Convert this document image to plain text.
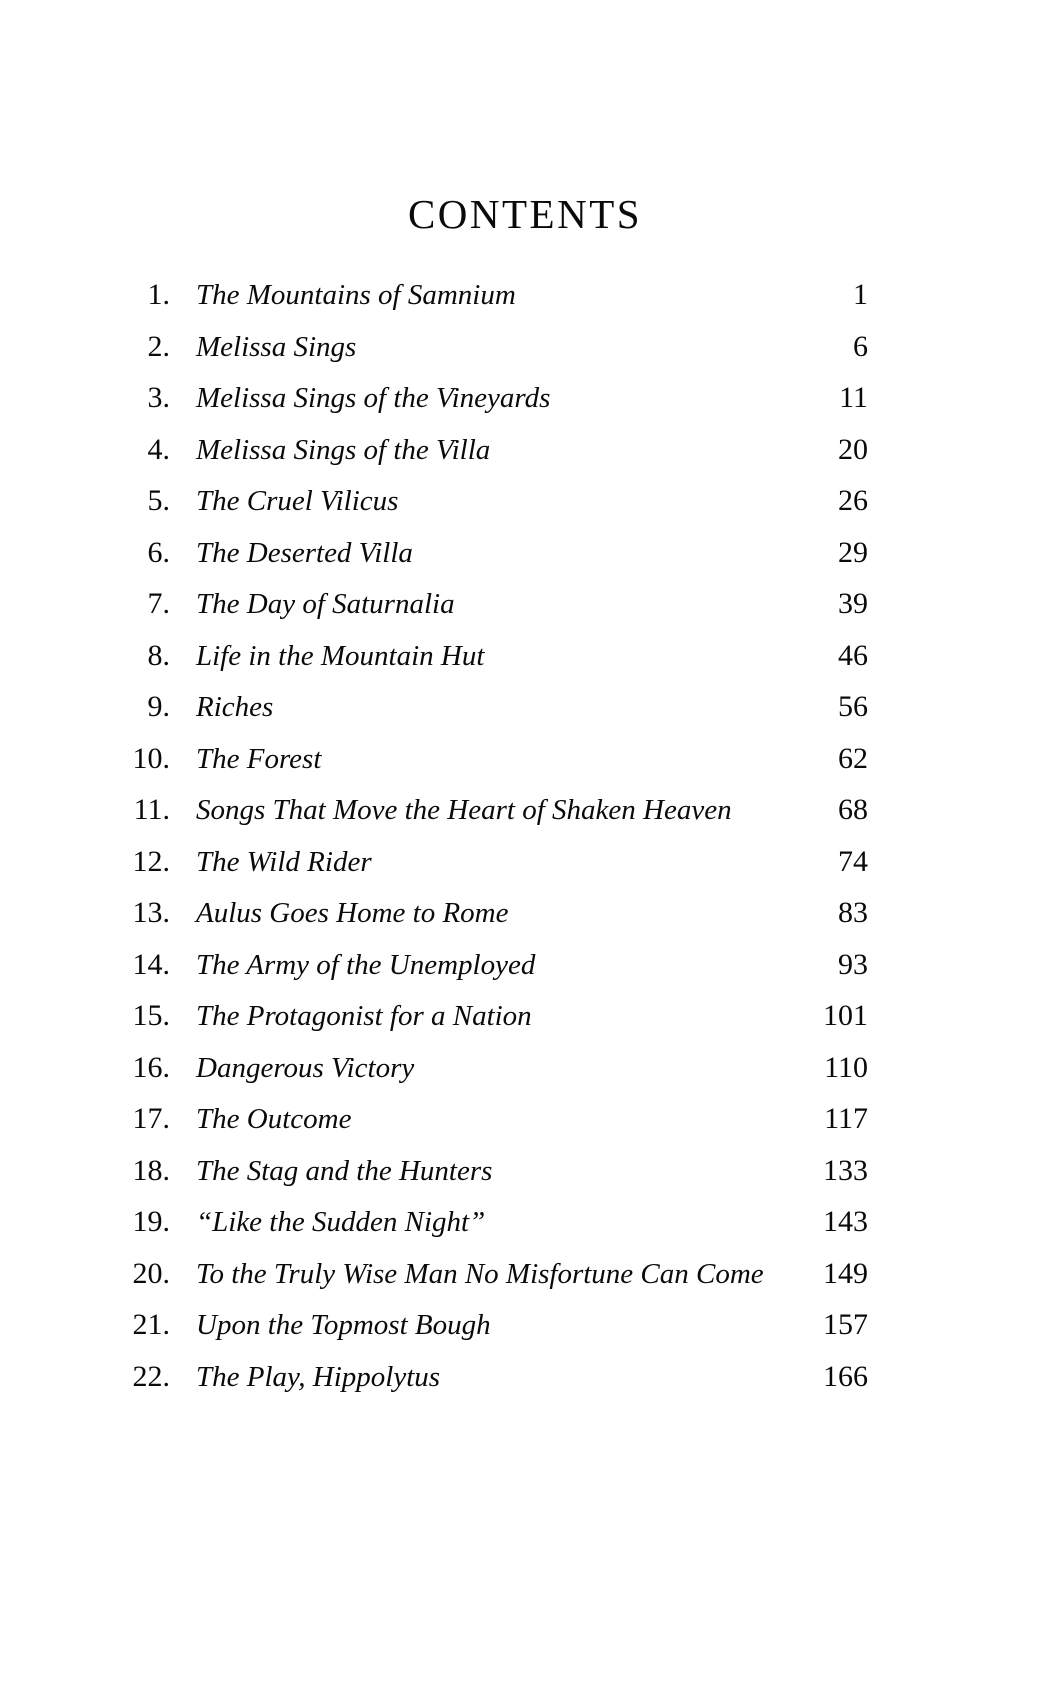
CONTENTS
1. The Mountains of Samnium	1
2. Melissa Sings	6
3. Melissa Sings of the Vineyards	11
4. Melissa Sings of the Villa	20
5. The Cruel Vilicus	26
6. The Deserted Villa	29
7. The Day of Saturnalia	39
8. Life in the Mountain Hut	46
9. Riches	56
10. The Forest	62
11. Songs That Move the Heart of Shaken Heaven	68
12. The Wild Rider	74
13. Aulus Goes Home to Rome	83
14. The Army of the Unemployed	93
15. The Protagonist for a Nation	101
16. Dangerous Victory	110
17. The Outcome	117
18. The Stag and the Hunters	133
19. “Like the Sudden Night”	143
20. To the Truly Wise Man No Misfortune Can Come	149
21. Upon the Topmost Bough	157
22. The Play, Hippolytus	166
